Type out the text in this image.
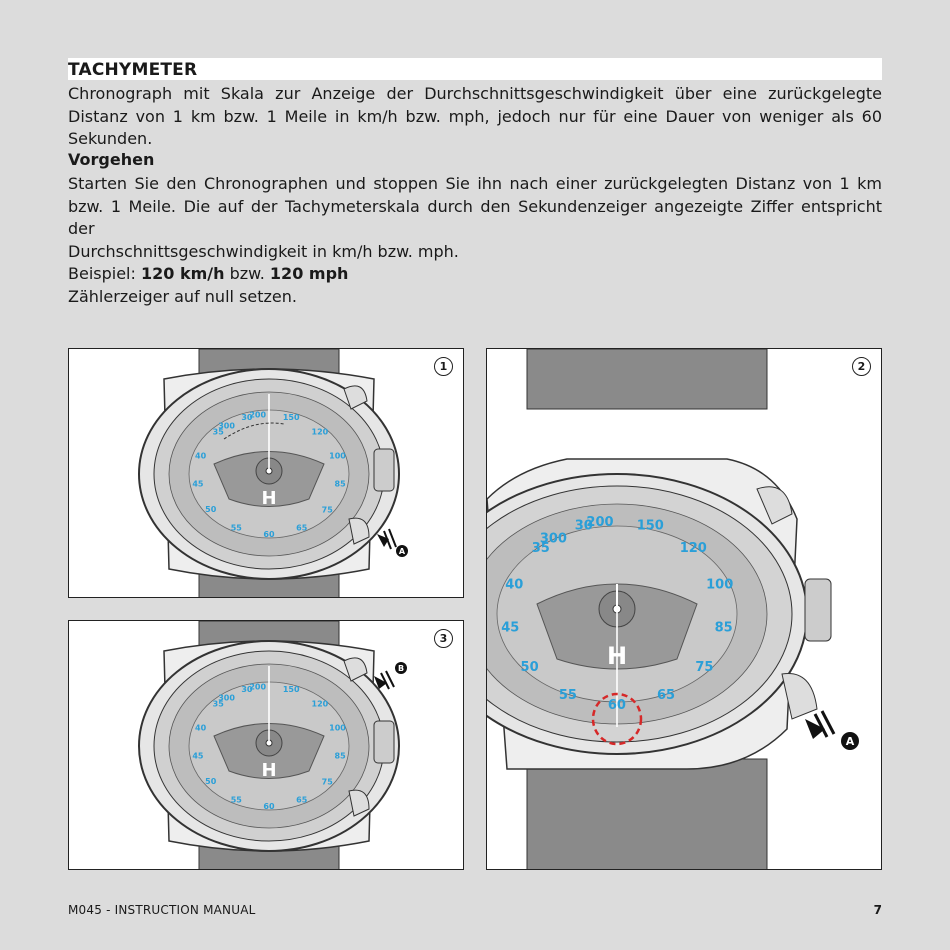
TACHYMETER
Chronograph mit Skala zur Anzeige der Durchschnittsgeschwindigkeit über eine zurückgelegte Distanz von 1 km bzw. 1 Meile in km/h bzw. mph, jedoch nur für eine Dauer von weniger als 60 Sekunden.
Vorgehen
Starten Sie den Chronographen und stoppen Sie ihn nach einer zurückgelegten Distanz von 1 km
bzw. 1 Meile. Die auf der Tachymeterskala durch den Sekundenzeiger angezeigte Ziffer entspricht der
Durchschnittsgeschwindigkeit in km/h bzw. mph.
Beispiel: 120 km/h bzw. 120 mph
Zählerzeiger auf null setzen.
H
300
200 150
120
100
85
75
65
60
55
50
45
40
35
30
A
1
H
300
200 150
120
100
85
75
65
60
55
50
45
40
35
30
B
3
H
300
200 150
120
100
85
75
65
60
55
50
45
40
35
30
A
2
M045 - INSTRUCTION MANUAL	7
